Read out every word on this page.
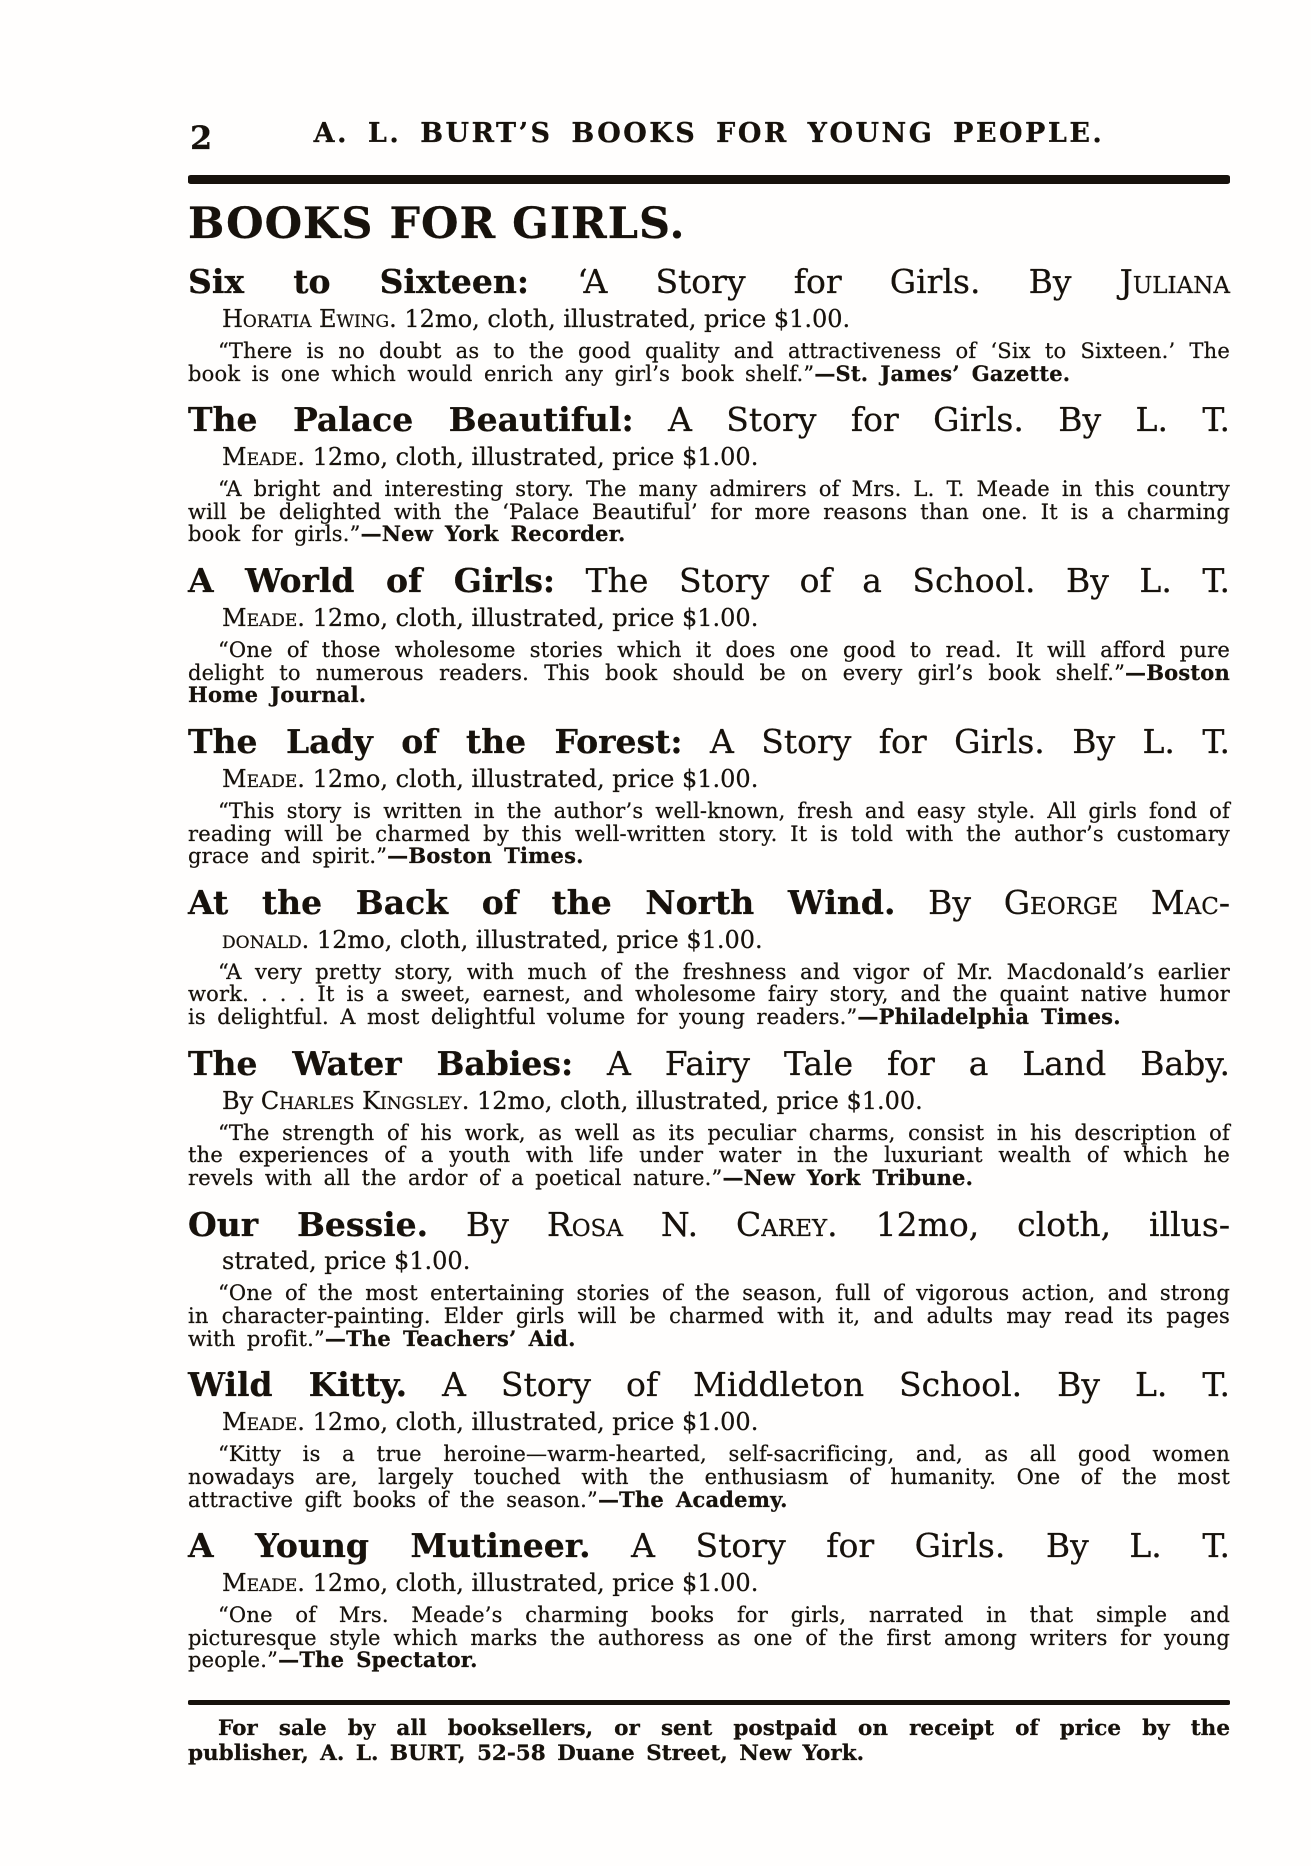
2	A. L. BURT’S BOOKS FOR YOUNG PEOPLE.
BOOKS FOR GIRLS.
Six to Sixteen: ‘A Story for Girls. By Juliana
Horatia Ewing. 12mo, cloth, illustrated, price $1.00.

“There is no doubt as to the good quality and attractiveness of ‘Six to Sixteen.’ The book is one which would enrich any girl’s book shelf.”—St. James’ Gazette.

The Palace Beautiful: A Story for Girls. By L. T.
Meade. 12mo, cloth, illustrated, price $1.00.

“A bright and interesting story. The many admirers of Mrs. L. T. Meade in this country will be delighted with the ‘Palace Beautiful’ for more reasons than one. It is a charming book for girls.”—New York Recorder.

A World of Girls: The Story of a School. By L. T.
Meade. 12mo, cloth, illustrated, price $1.00.

“One of those wholesome stories which it does one good to read. It will afford pure delight to numerous readers. This book should be on every girl’s book shelf.”—Boston Home Journal.

The Lady of the Forest: A Story for Girls. By L. T.
Meade. 12mo, cloth, illustrated, price $1.00.

“This story is written in the author’s well-known, fresh and easy style. All girls fond of reading will be charmed by this well-written story. It is told with the author’s customary grace and spirit.”—Boston Times.

At the Back of the North Wind. By George Mac-
donald. 12mo, cloth, illustrated, price $1.00.

“A very pretty story, with much of the freshness and vigor of Mr. Macdonald’s earlier work. . . . It is a sweet, earnest, and wholesome fairy story, and the quaint native humor is delightful. A most delightful volume for young readers.”—Philadelphia Times.

The Water Babies: A Fairy Tale for a Land Baby.
By Charles Kingsley. 12mo, cloth, illustrated, price $1.00.

“The strength of his work, as well as its peculiar charms, consist in his description of the experiences of a youth with life under water in the luxuriant wealth of which he revels with all the ardor of a poetical nature.”—New York Tribune.

Our Bessie. By Rosa N. Carey. 12mo, cloth, illus-
strated, price $1.00.

“One of the most entertaining stories of the season, full of vigorous action, and strong in character-painting. Elder girls will be charmed with it, and adults may read its pages with profit.”—The Teachers’ Aid.

Wild Kitty. A Story of Middleton School. By L. T.
Meade. 12mo, cloth, illustrated, price $1.00.

“Kitty is a true heroine—warm-hearted, self-sacrificing, and, as all good women nowadays are, largely touched with the enthusiasm of humanity. One of the most attractive gift books of the season.”—The Academy.

A Young Mutineer. A Story for Girls. By L. T.
Meade. 12mo, cloth, illustrated, price $1.00.

“One of Mrs. Meade’s charming books for girls, narrated in that simple and picturesque style which marks the authoress as one of the first among writers for young people.”—The Spectator.

For sale by all booksellers, or sent postpaid on receipt of price by the publisher, A. L. BURT, 52-58 Duane Street, New York.
